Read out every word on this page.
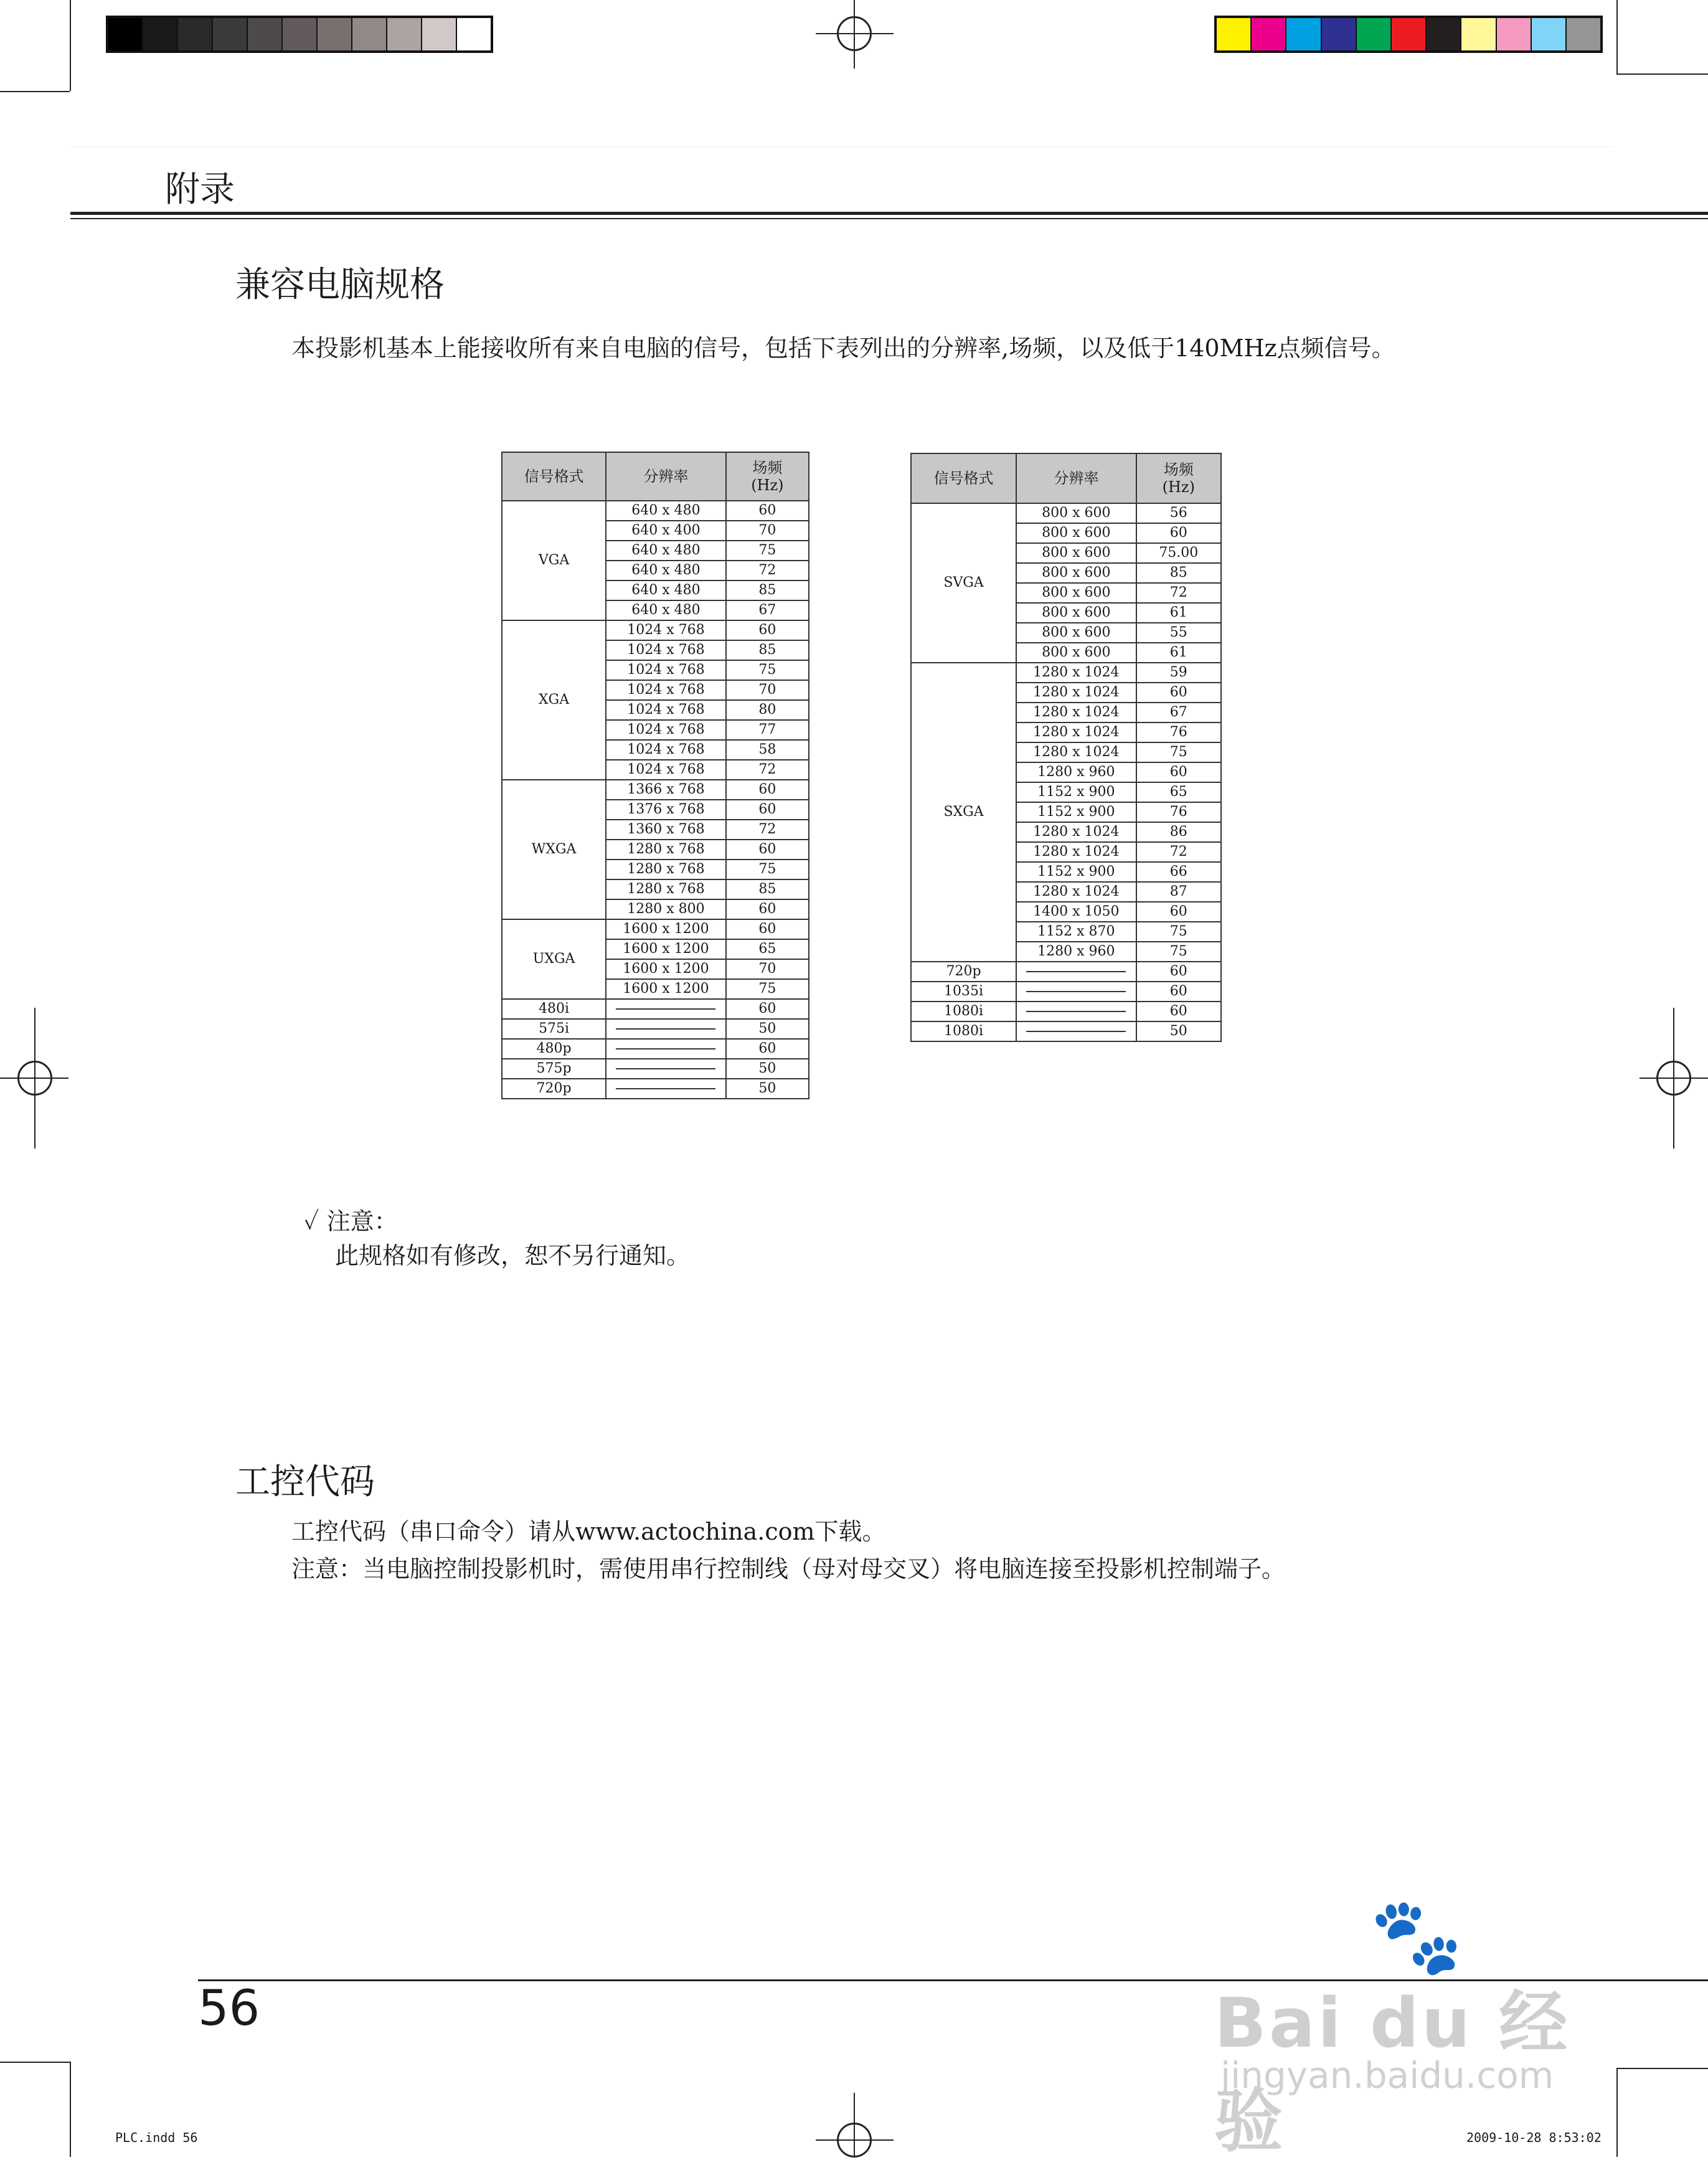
附录
兼容电脑规格
本投影机基本上能接收所有来自电脑的信号，包括下表列出的分辨率,场频，以及低于140MHz点频信号。
信号格式	分辨率	场频
(Hz)
VGA	640 x 480	60
	640 x 400	70
	640 x 480	75
	640 x 480	72
	640 x 480	85
	640 x 480	67
XGA	1024 x 768	60
	1024 x 768	85
	1024 x 768	75
	1024 x 768	70
	1024 x 768	80
	1024 x 768	77
	1024 x 768	58
	1024 x 768	72
WXGA	1366 x 768	60
	1376 x 768	60
	1360 x 768	72
	1280 x 768	60
	1280 x 768	75
	1280 x 768	85
	1280 x 800	60
UXGA	1600 x 1200	60
	1600 x 1200	65
	1600 x 1200	70
	1600 x 1200	75
480i		60
575i		50
480p		60
575p		50
720p		50
信号格式	分辨率	场频
(Hz)
SVGA	800 x 600	56
	800 x 600	60
	800 x 600	75.00
	800 x 600	85
	800 x 600	72
	800 x 600	61
	800 x 600	55
	800 x 600	61
SXGA	1280 x 1024	59
	1280 x 1024	60
	1280 x 1024	67
	1280 x 1024	76
	1280 x 1024	75
	1280 x 960	60
	1152 x 900	65
	1152 x 900	76
	1280 x 1024	86
	1280 x 1024	72
	1152 x 900	66
	1280 x 1024	87
	1400 x 1050	60
	1152 x 870	75
	1280 x 960	75
720p		60
1035i		60
1080i		60
1080i		50
✓ 注意：
此规格如有修改，恕不另行通知。
工控代码
工控代码（串口命令）请从www.actochina.com下载。
注意：当电脑控制投影机时，需使用串行控制线（母对母交叉）将电脑连接至投影机控制端子。
56
PLC.indd 56	2009-10-28 8:53:02
🐾
Bai du 经验
jingyan.baidu.com
